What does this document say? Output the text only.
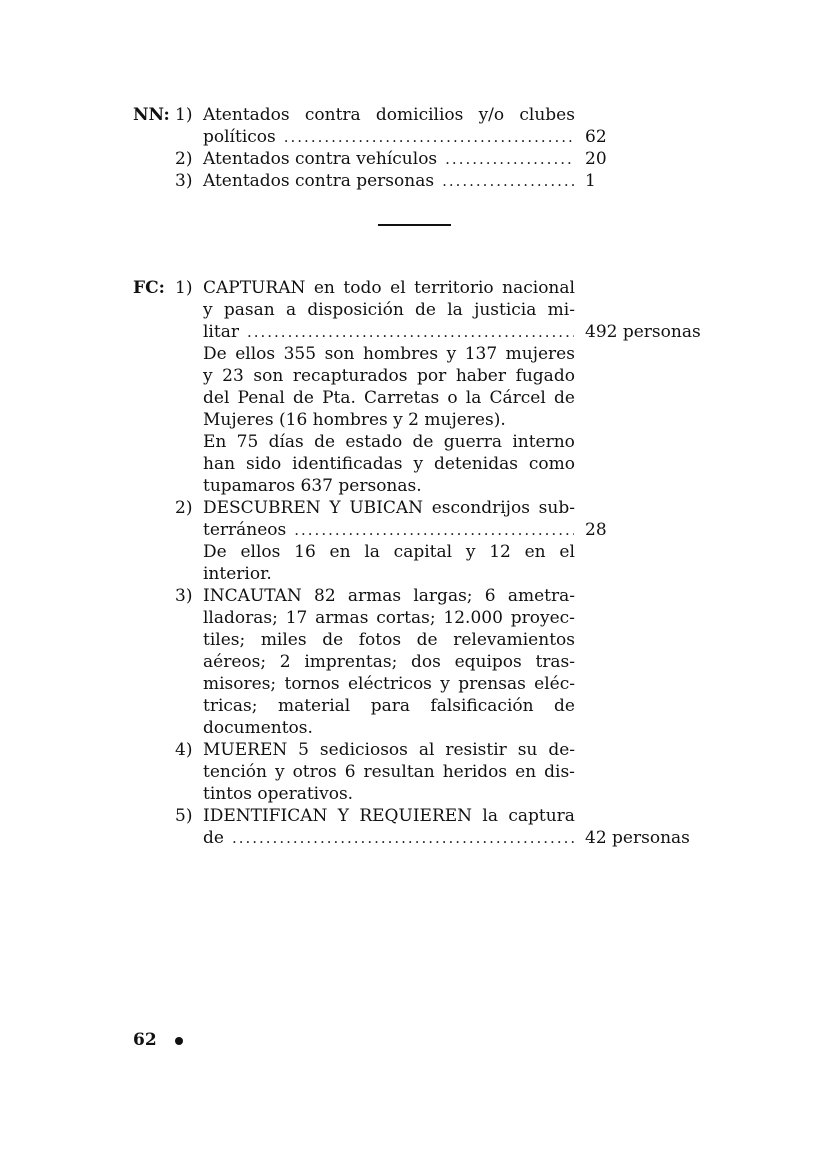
NN: 1) Atentados contra domicilios y/o clubes
políticos .....	62
2) Atentados contra vehículos .....	20
3) Atentados contra personas .....	1
FC: 1) CAPTURAN en todo el territorio nacional
y pasan a disposición de la justicia mi-
litar .....	492 personas
De ellos 355 son hombres y 137 mujeres
y 23 son recapturados por haber fugado
del Penal de Pta. Carretas o la Cárcel de
Mujeres (16 hombres y 2 mujeres).
En 75 días de estado de guerra interno
han sido identificadas y detenidas como
tupamaros 637 personas.
2) DESCUBREN Y UBICAN escondrijos sub-
terráneos .....	28
De ellos 16 en la capital y 12 en el
interior.
3) INCAUTAN 82 armas largas; 6 ametra-
lladoras; 17 armas cortas; 12.000 proyec-
tiles; miles de fotos de relevamientos
aéreos; 2 imprentas; dos equipos tras-
misores; tornos eléctricos y prensas eléc-
tricas; material para falsificación de
documentos.
4) MUEREN 5 sediciosos al resistir su de-
tención y otros 6 resultan heridos en dis-
tintos operativos.
5) IDENTIFICAN Y REQUIEREN la captura
de .....	42 personas
62
